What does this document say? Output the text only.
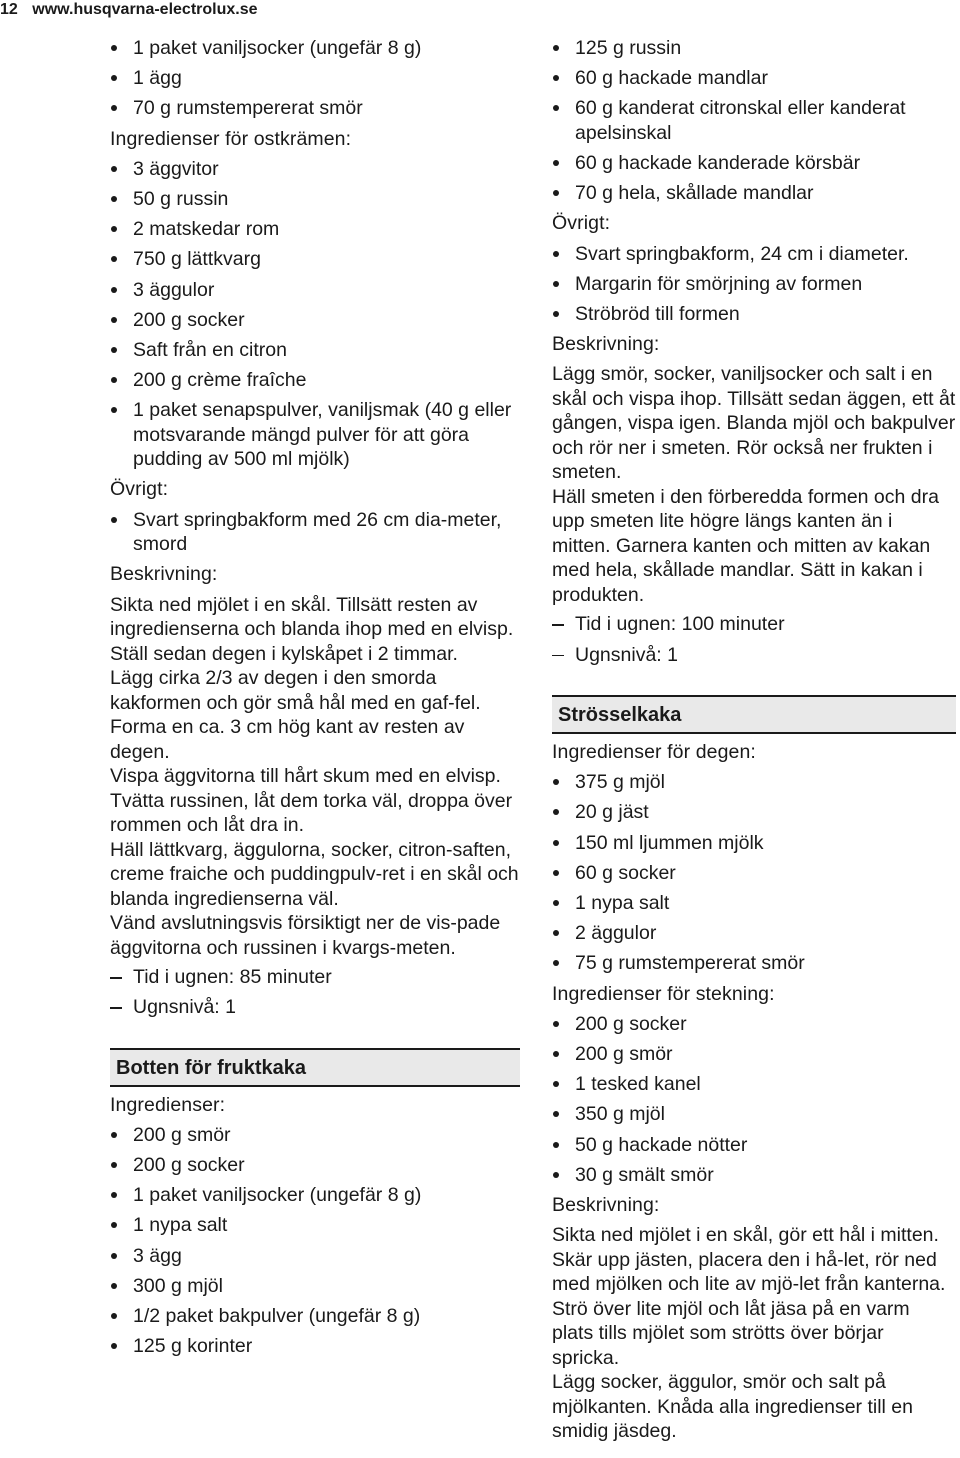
12 www.husqvarna-electrolux.se
1 paket vaniljsocker (ungefär 8 g)
1 ägg
70 g rumstempererat smör
Ingredienser för ostkrämen:
3 äggvitor
50 g russin
2 matskedar rom
750 g lättkvarg
3 äggulor
200 g socker
Saft från en citron
200 g crème fraîche
1 paket senapspulver, vaniljsmak (40 g eller motsvarande mängd pulver för att göra pudding av 500 ml mjölk)
Övrigt:
Svart springbakform med 26 cm dia-meter, smord
Beskrivning:
Sikta ned mjölet i en skål. Tillsätt resten av ingredienserna och blanda ihop med en elvisp. Ställ sedan degen i kylskåpet i 2 timmar.
Lägg cirka 2/3 av degen i den smorda kakformen och gör små hål med en gaf-fel.
Forma en ca. 3 cm hög kant av resten av degen.
Vispa äggvitorna till hårt skum med en elvisp. Tvätta russinen, låt dem torka väl, droppa över rommen och låt dra in.
Häll lättkvarg, äggulorna, socker, citron-saften, creme fraiche och puddingpulv-ret i en skål och blanda ingredienserna väl.
Vänd avslutningsvis försiktigt ner de vis-pade äggvitorna och russinen i kvargs-meten.
Tid i ugnen: 85 minuter
Ugnsnivå: 1
Botten för fruktkaka
Ingredienser:
200 g smör
200 g socker
1 paket vaniljsocker (ungefär 8 g)
1 nypa salt
3 ägg
300 g mjöl
1/2 paket bakpulver (ungefär 8 g)
125 g korinter
125 g russin
60 g hackade mandlar
60 g kanderat citronskal eller kanderat apelsinskal
60 g hackade kanderade körsbär
70 g hela, skållade mandlar
Övrigt:
Svart springbakform, 24 cm i diameter.
Margarin för smörjning av formen
Ströbröd till formen
Beskrivning:
Lägg smör, socker, vaniljsocker och salt i en skål och vispa ihop. Tillsätt sedan äggen, ett åt gången, vispa igen. Blanda mjöl och bakpulver och rör ner i smeten. Rör också ner frukten i smeten.
Häll smeten i den förberedda formen och dra upp smeten lite högre längs kanten än i mitten. Garnera kanten och mitten av kakan med hela, skållade mandlar. Sätt in kakan i produkten.
Tid i ugnen: 100 minuter
Ugnsnivå: 1
Strösselkaka
Ingredienser för degen:
375 g mjöl
20 g jäst
150 ml ljummen mjölk
60 g socker
1 nypa salt
2 äggulor
75 g rumstempererat smör
Ingredienser för stekning:
200 g socker
200 g smör
1 tesked kanel
350 g mjöl
50 g hackade nötter
30 g smält smör
Beskrivning:
Sikta ned mjölet i en skål, gör ett hål i mitten. Skär upp jästen, placera den i hå-let, rör ned med mjölken och lite av mjö-let från kanterna. Strö över lite mjöl och låt jäsa på en varm plats tills mjölet som strötts över börjar spricka.
Lägg socker, äggulor, smör och salt på mjölkanten. Knåda alla ingredienser till en smidig jäsdeg.
